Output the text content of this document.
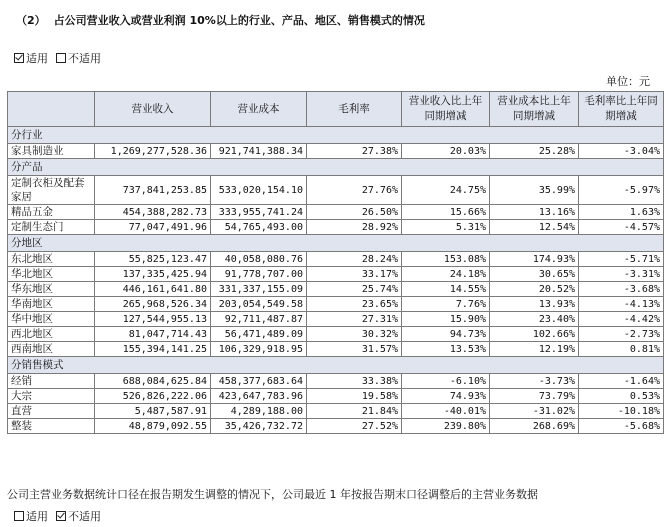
（2） 占公司营业收入或营业利润 10%以上的行业、产品、地区、销售模式的情况
适用 不适用
单位：元
	营业收入	营业成本	毛利率	营业收入比上年同期增减	营业成本比上年同期增减	毛利率比上年同期增减
分行业						
家具制造业	1,269,277,528.36	921,741,388.34	27.38%	20.03%	25.28%	-3.04%
分产品						
定制衣柜及配套家居	737,841,253.85	533,020,154.10	27.76%	24.75%	35.99%	-5.97%
精品五金	454,388,282.73	333,955,741.24	26.50%	15.66%	13.16%	1.63%
定制生态门	77,047,491.96	54,765,493.00	28.92%	5.31%	12.54%	-4.57%
分地区						
东北地区	55,825,123.47	40,058,080.76	28.24%	153.08%	174.93%	-5.71%
华北地区	137,335,425.94	91,778,707.00	33.17%	24.18%	30.65%	-3.31%
华东地区	446,161,641.80	331,337,155.09	25.74%	14.55%	20.52%	-3.68%
华南地区	265,968,526.34	203,054,549.58	23.65%	7.76%	13.93%	-4.13%
华中地区	127,544,955.13	92,711,487.87	27.31%	15.90%	23.40%	-4.42%
西北地区	81,047,714.43	56,471,489.09	30.32%	94.73%	102.66%	-2.73%
西南地区	155,394,141.25	106,329,918.95	31.57%	13.53%	12.19%	0.81%
分销售模式						
经销	688,084,625.84	458,377,683.64	33.38%	-6.10%	-3.73%	-1.64%
大宗	526,826,222.06	423,647,783.96	19.58%	74.93%	73.79%	0.53%
直营	5,487,587.91	4,289,188.00	21.84%	-40.01%	-31.02%	-10.18%
整装	48,879,092.55	35,426,732.72	27.52%	239.80%	268.69%	-5.68%
公司主营业务数据统计口径在报告期发生调整的情况下，公司最近 1 年按报告期末口径调整后的主营业务数据
适用 不适用
